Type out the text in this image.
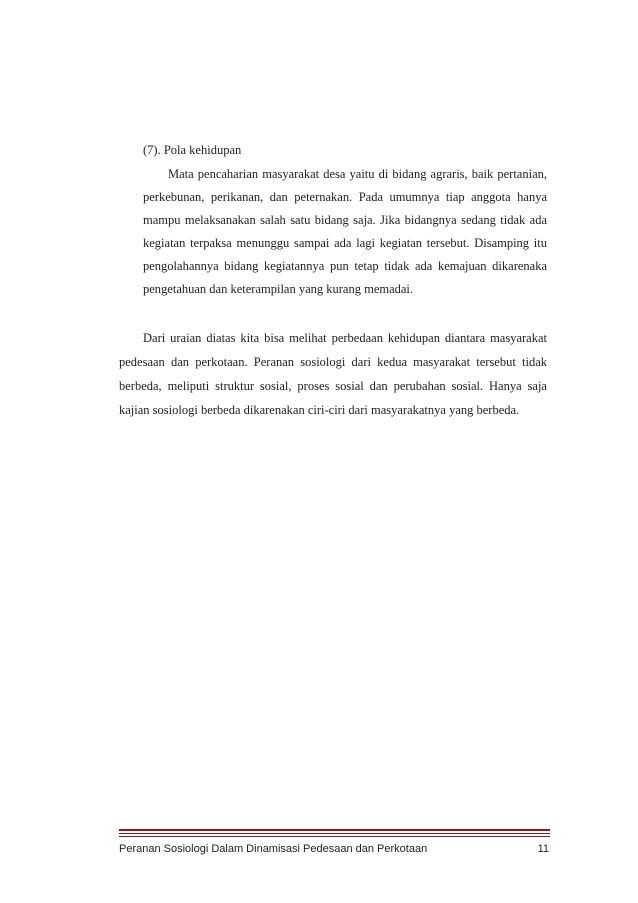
(7). Pola kehidupan
Mata pencaharian masyarakat desa yaitu di bidang agraris, baik pertanian,
perkebunan, perikanan, dan peternakan. Pada umumnya tiap anggota hanya
mampu melaksanakan salah satu bidang saja. Jika bidangnya sedang tidak ada
kegiatan terpaksa menunggu sampai ada lagi kegiatan tersebut. Disamping itu
pengolahannya bidang kegiatannya pun tetap tidak ada kemajuan dikarenaka
pengetahuan dan keterampilan yang kurang memadai.
Dari uraian diatas kita bisa melihat perbedaan kehidupan diantara masyarakat
pedesaan dan perkotaan. Peranan sosiologi dari kedua masyarakat tersebut tidak
berbeda, meliputi struktur sosial, proses sosial dan perubahan sosial. Hanya saja
kajian sosiologi berbeda dikarenakan ciri-ciri dari masyarakatnya yang berbeda.
Peranan Sosiologi Dalam Dinamisasi Pedesaan dan Perkotaan	11
